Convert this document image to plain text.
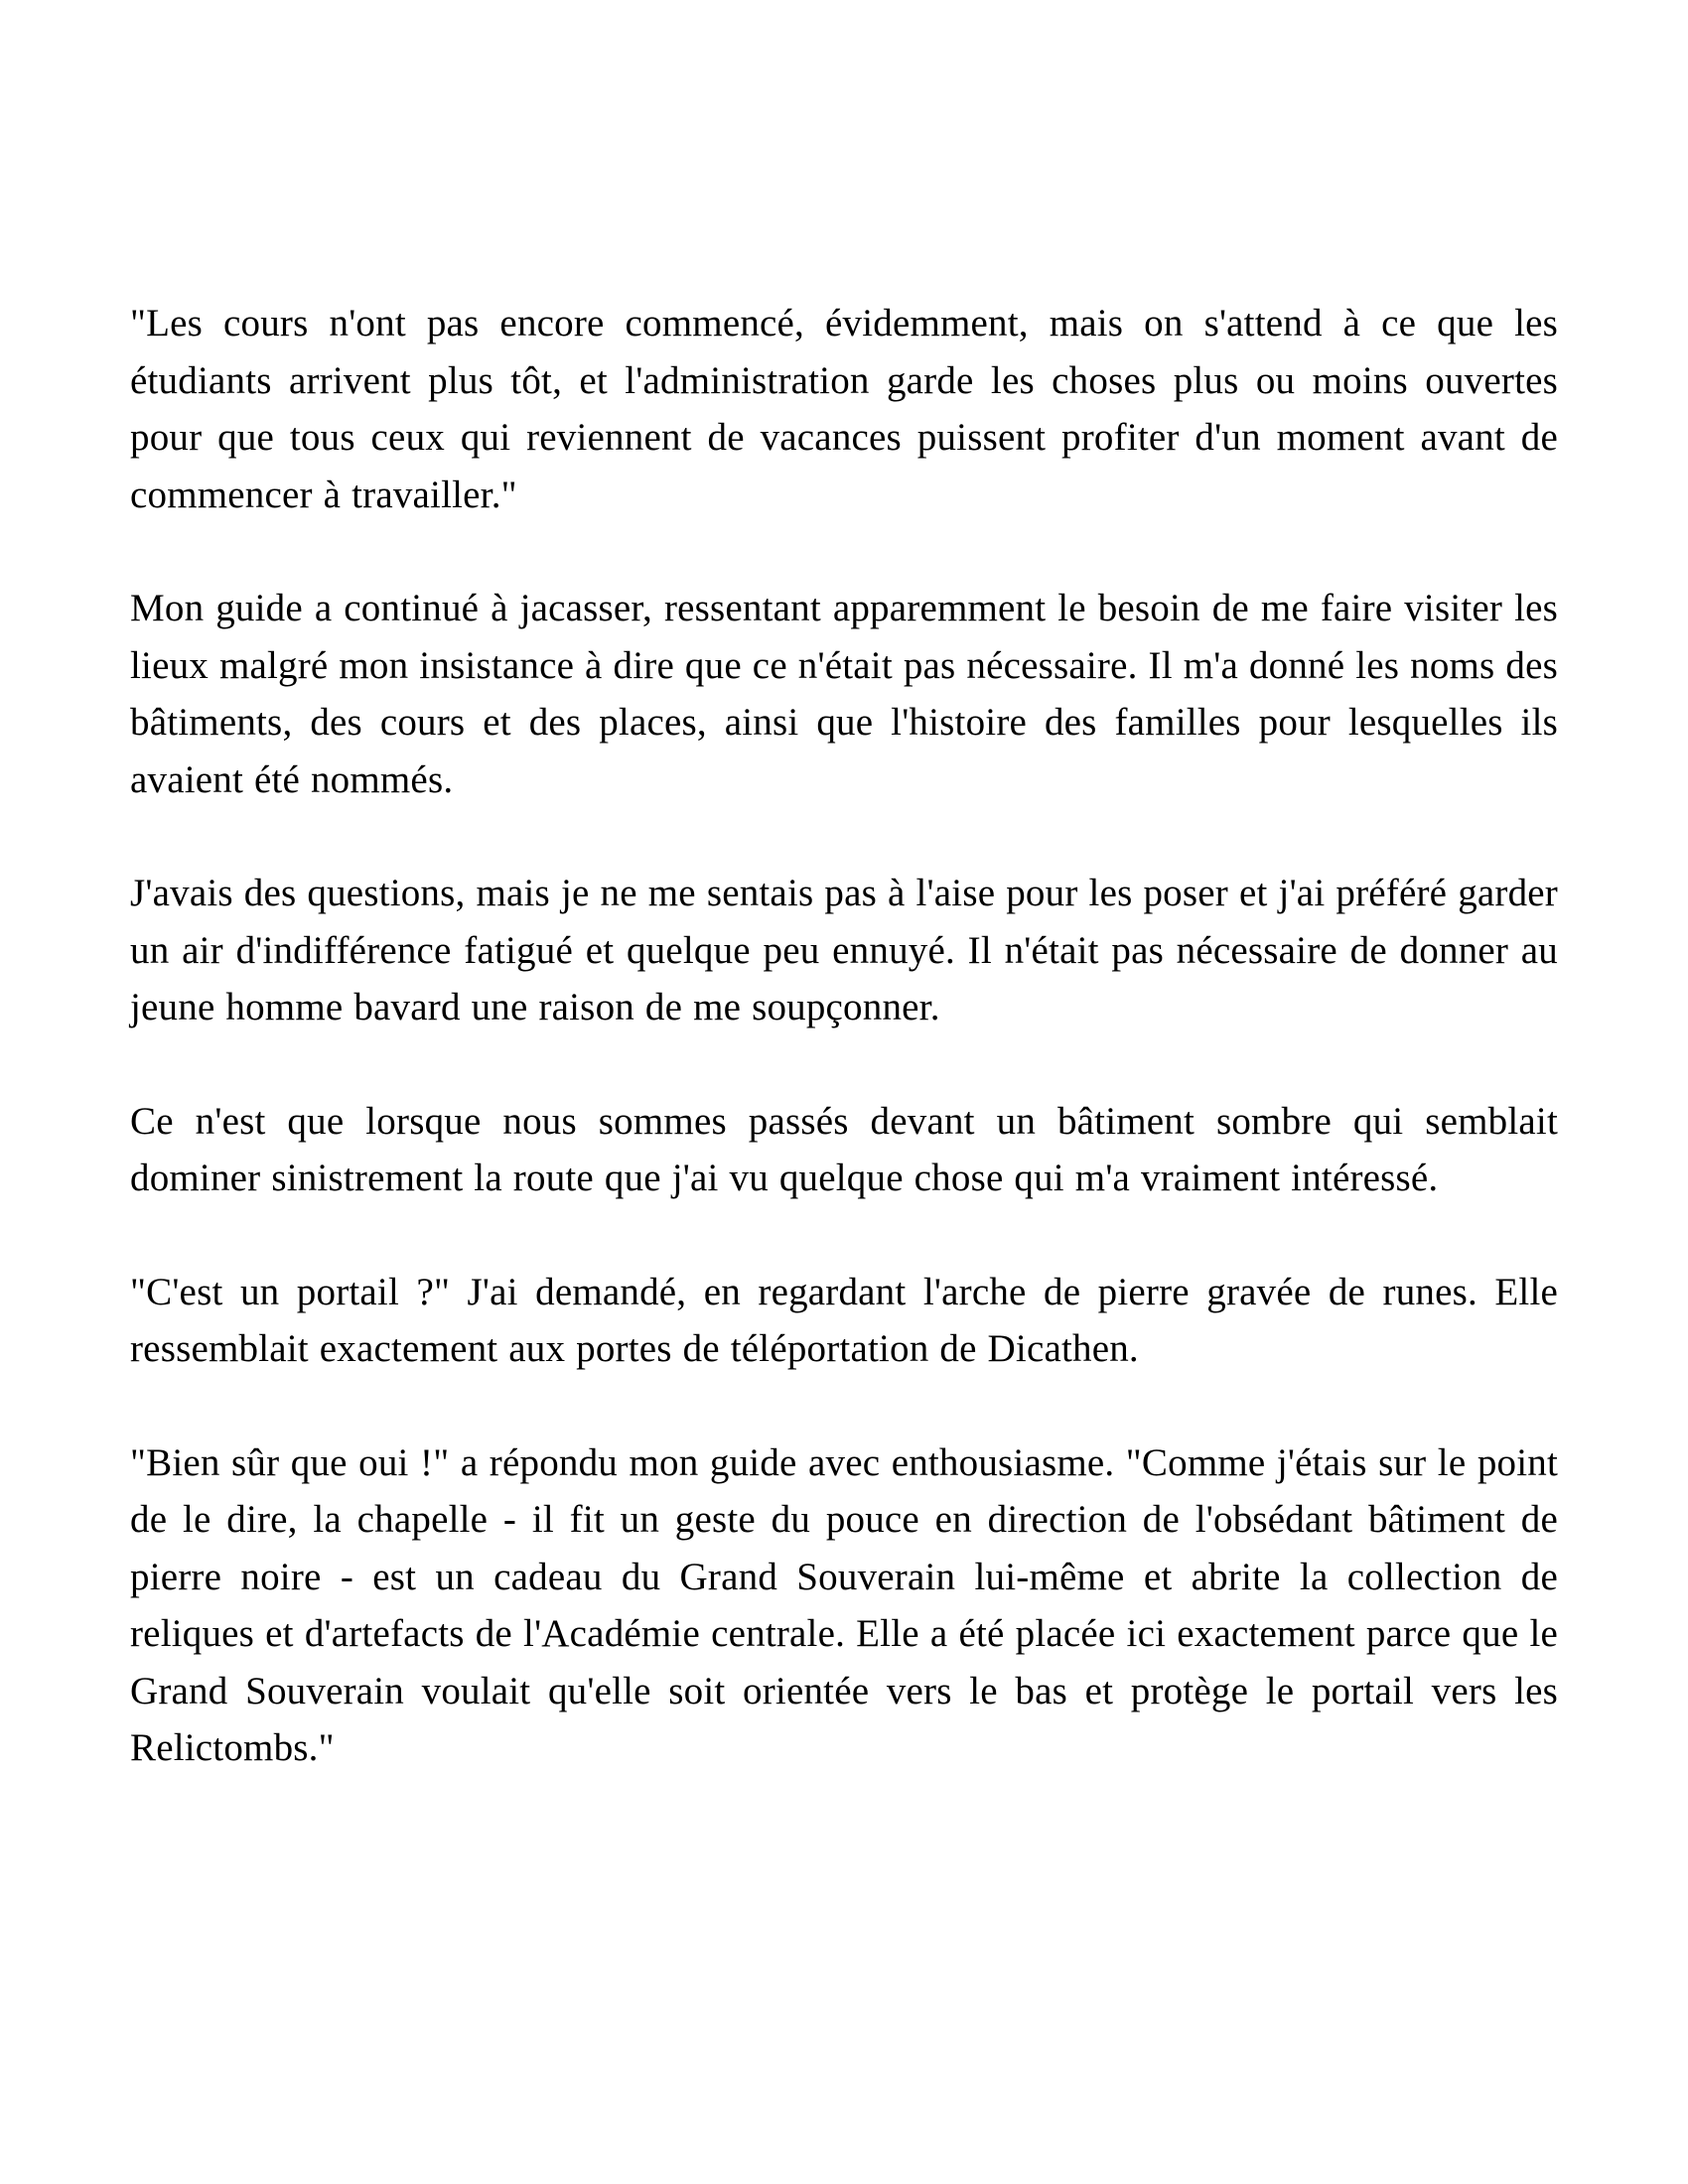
"Les cours n'ont pas encore commencé, évidemment, mais on s'attend à ce que les étudiants arrivent plus tôt, et l'administration garde les choses plus ou moins ouvertes pour que tous ceux qui reviennent de vacances puissent profiter d'un moment avant de commencer à travailler."

Mon guide a continué à jacasser, ressentant apparemment le besoin de me faire visiter les lieux malgré mon insistance à dire que ce n'était pas nécessaire. Il m'a donné les noms des bâtiments, des cours et des places, ainsi que l'histoire des familles pour lesquelles ils avaient été nommés.

J'avais des questions, mais je ne me sentais pas à l'aise pour les poser et j'ai préféré garder un air d'indifférence fatigué et quelque peu ennuyé. Il n'était pas nécessaire de donner au jeune homme bavard une raison de me soupçonner.

Ce n'est que lorsque nous sommes passés devant un bâtiment sombre qui semblait dominer sinistrement la route que j'ai vu quelque chose qui m'a vraiment intéressé.

"C'est un portail ?" J'ai demandé, en regardant l'arche de pierre gravée de runes. Elle ressemblait exactement aux portes de téléportation de Dicathen.

"Bien sûr que oui !" a répondu mon guide avec enthousiasme. "Comme j'étais sur le point de le dire, la chapelle - il fit un geste du pouce en direction de l'obsédant bâtiment de pierre noire - est un cadeau du Grand Souverain lui-même et abrite la collection de reliques et d'artefacts de l'Académie centrale. Elle a été placée ici exactement parce que le Grand Souverain voulait qu'elle soit orientée vers le bas et protège le portail vers les Relictombs."
